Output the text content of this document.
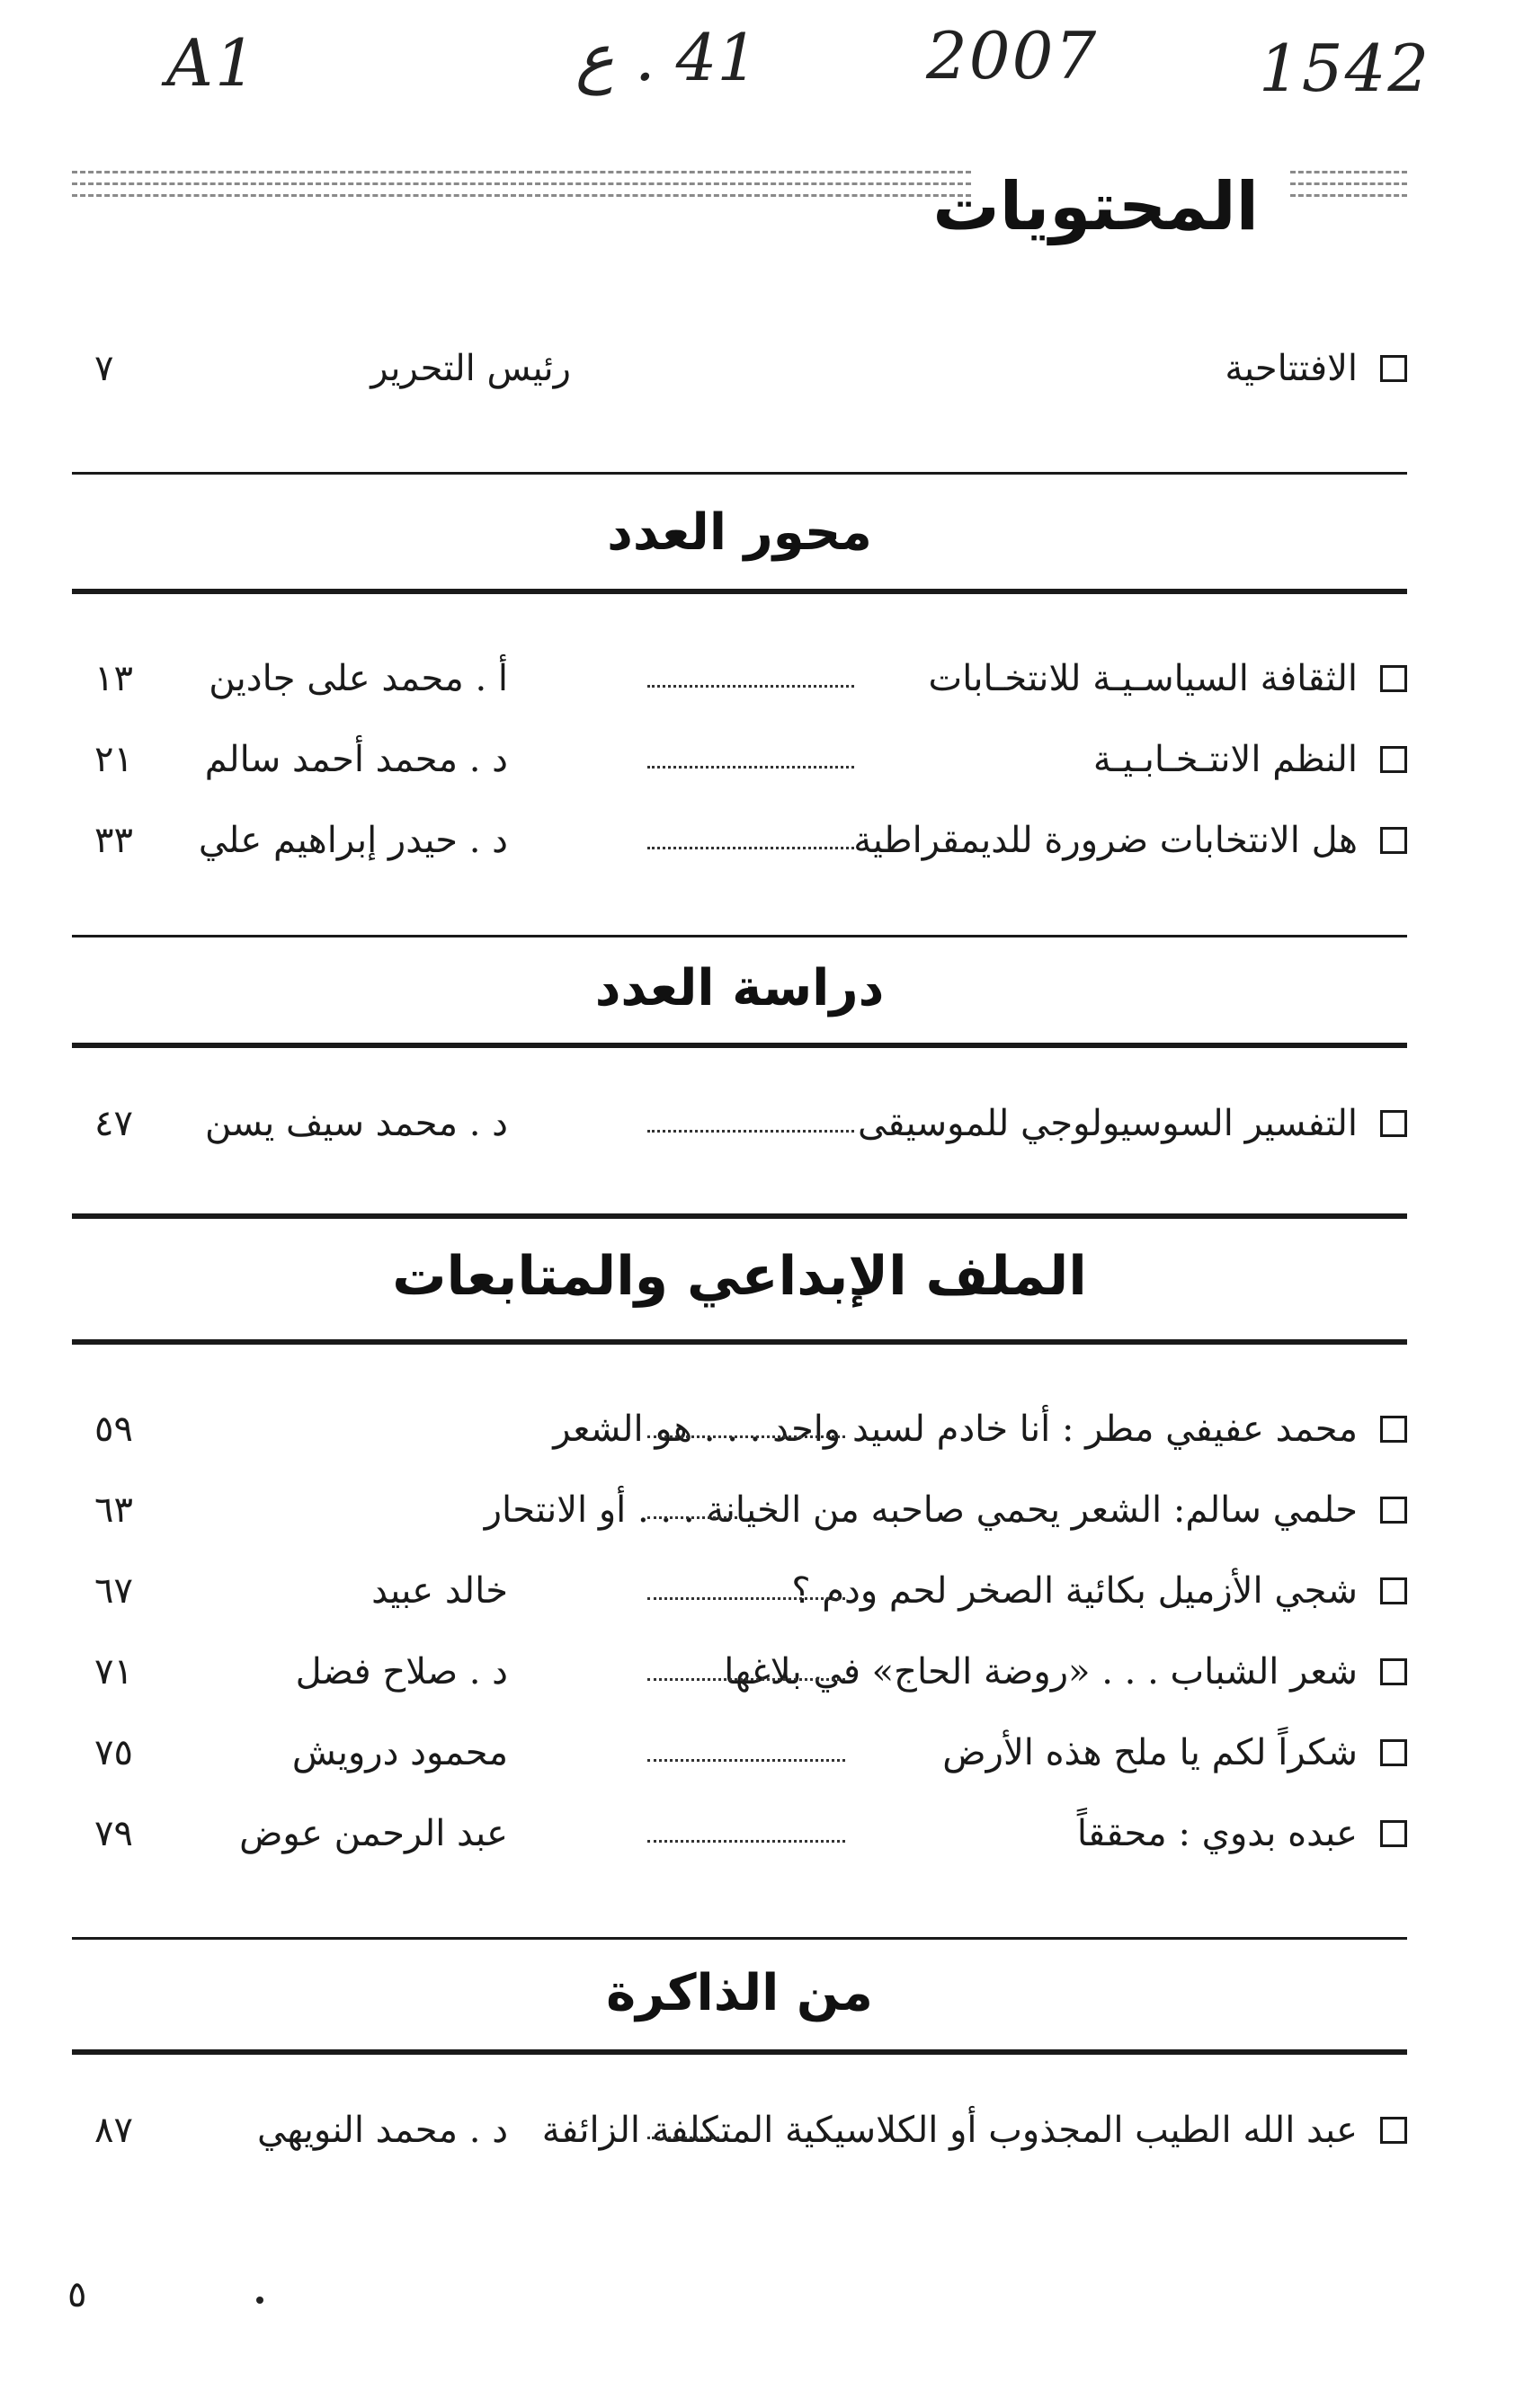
A1	41 . ع	2007 1542
المحتويات
الافتتاحية
رئيس التحرير
٧
محور العدد
الثقافة السياسـيـة للانتخـابات
أ . محمد على جادين
١٣
النظم الانتـخـابـيـة
د . محمد أحمد سالم
٢١
هل الانتخابات ضرورة للديمقراطية
د . حيدر إبراهيم علي
٣٣
دراسة العدد
التفسير السوسيولوجي للموسيقى
د . محمد سيف يسن
٤٧
الملف الإبداعي والمتابعات
محمد عفيفي مطر : أنا خادم لسيد واحد . . . هو الشعر
٥٩
حلمي سالم: الشعر يحمي صاحبه من الخيانة . . . أو الانتحار
٦٣
شجي الأزميل بكائية الصخر لحم ودم ؟
خالد عبيد
٦٧
شعر الشباب . . . «روضة الحاج» في بلاغها
د . صلاح فضل
٧١
شكراً لكم يا ملح هذه الأرض
محمود درويش
٧٥
عبده بدوي : محققاً
عبد الرحمن عوض
٧٩
من الذاكرة
عبد الله الطيب المجذوب أو الكلاسيكية المتكلفة الزائفة
د . محمد النويهي
٨٧
٥
